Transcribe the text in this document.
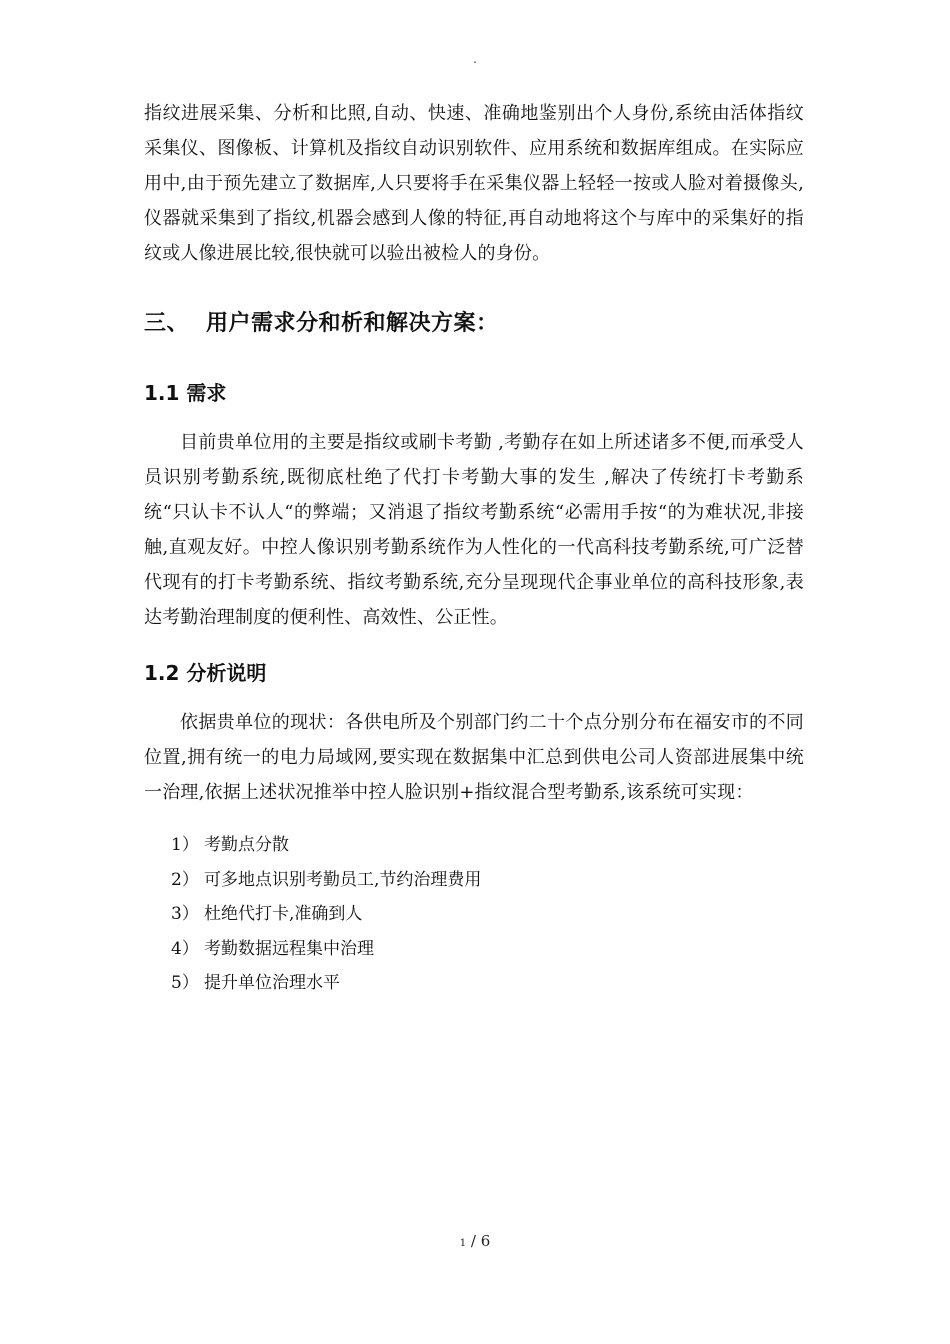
.

指纹进展采集、分析和比照,自动、快速、准确地鉴别出个人身份,系统由活体指纹采集仪、图像板、计算机及指纹自动识别软件、应用系统和数据库组成。在实际应用中,由于预先建立了数据库,人只要将手在采集仪器上轻轻一按或人脸对着摄像头,仪器就采集到了指纹,机器会感到人像的特征,再自动地将这个与库中的采集好的指纹或人像进展比较,很快就可以验出被检人的身份。

三、 用户需求分和析和解决方案：
1.1 需求

目前贵单位用的主要是指纹或刷卡考勤 ,考勤存在如上所述诸多不便,而承受人员识别考勤系统,既彻底杜绝了代打卡考勤大事的发生 ,解决了传统打卡考勤系统“只认卡不认人“的弊端；又消退了指纹考勤系统“必需用手按“的为难状况,非接触,直观友好。中控人像识别考勤系统作为人性化的一代高科技考勤系统,可广泛替代现有的打卡考勤系统、指纹考勤系统,充分呈现现代企事业单位的高科技形象,表达考勤治理制度的便利性、高效性、公正性。

1.2 分析说明

依据贵单位的现状：各供电所及个别部门约二十个点分别分布在福安市的不同位置,拥有统一的电力局域网,要实现在数据集中汇总到供电公司人资部进展集中统一治理,依据上述状况推举中控人脸识别+指纹混合型考勤系,该系统可实现：

1） 考勤点分散
2） 可多地点识别考勤员工,节约治理费用
3） 杜绝代打卡,准确到人
4） 考勤数据远程集中治理
5） 提升单位治理水平
1 / 6
